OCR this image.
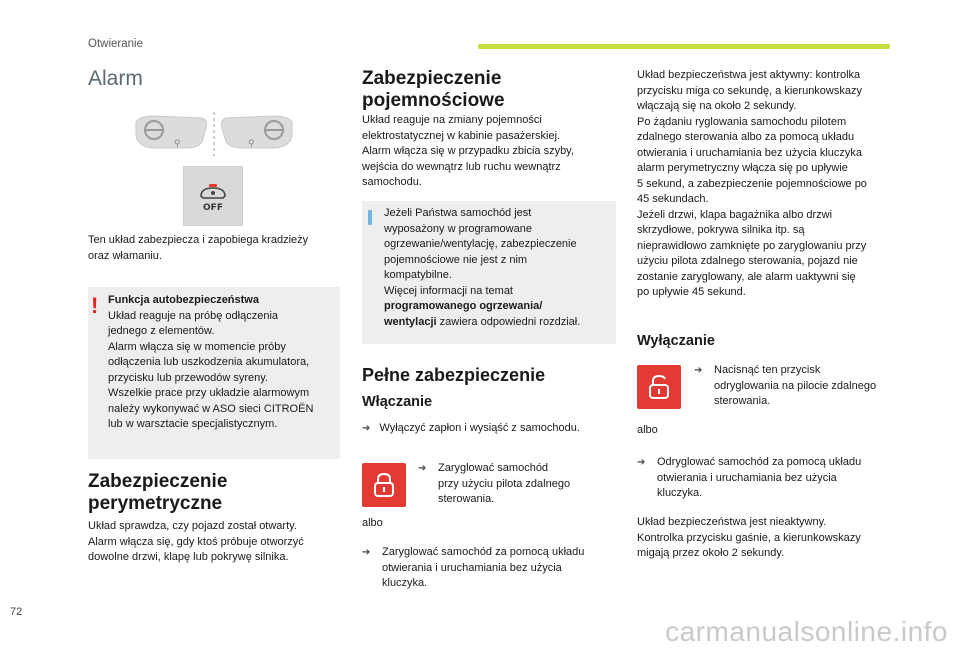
Otwieranie
Alarm
⚲	⚲
OFF
Ten układ zabezpiecza i zapobiega kradzieży
oraz włamaniu.
! Funkcja autobezpieczeństwa
Układ reaguje na próbę odłączenia
jednego z elementów.
Alarm włącza się w momencie próby
odłączenia lub uszkodzenia akumulatora,
przycisku lub przewodów syreny.
Wszelkie prace przy układzie alarmowym
należy wykonywać w ASO sieci CITROËN
lub w warsztacie specjalistycznym.
Zabezpieczenie
perymetryczne
Układ sprawdza, czy pojazd został otwarty.
Alarm włącza się, gdy ktoś próbuje otworzyć
dowolne drzwi, klapę lub pokrywę silnika.
Zabezpieczenie
pojemnościowe
Układ reaguje na zmiany pojemności
elektrostatycznej w kabinie pasażerskiej.
Alarm włącza się w przypadku zbicia szyby,
wejścia do wewnątrz lub ruchu wewnątrz
samochodu.
Jeżeli Państwa samochód jest
wyposażony w programowane
ogrzewanie/wentylację, zabezpieczenie
pojemnościowe nie jest z nim
kompatybilne.
Więcej informacji na temat
programowanego ogrzewania/
wentylacji zawiera odpowiedni rozdział.
Pełne zabezpieczenie
Włączanie
➔ Wyłączyć zapłon i wysiąść z samochodu.
➔ Zaryglować samochód
przy użyciu pilota zdalnego
sterowania.
albo
➔ Zaryglować samochód za pomocą układu
otwierania i uruchamiania bez użycia
kluczyka.
Układ bezpieczeństwa jest aktywny: kontrolka
przycisku miga co sekundę, a kierunkowskazy
włączają się na około 2 sekundy.
Po żądaniu ryglowania samochodu pilotem
zdalnego sterowania albo za pomocą układu
otwierania i uruchamiania bez użycia kluczyka
alarm perymetryczny włącza się po upływie
5 sekund, a zabezpieczenie pojemnościowe po
45 sekundach.
Jeżeli drzwi, klapa bagażnika albo drzwi
skrzydłowe, pokrywa silnika itp. są
nieprawidłowo zamknięte po zaryglowaniu przy
użyciu pilota zdalnego sterowania, pojazd nie
zostanie zaryglowany, ale alarm uaktywni się
po upływie 45 sekund.
Wyłączanie
➔ Nacisnąć ten przycisk
odryglowania na pilocie zdalnego
sterowania.
albo
➔ Odryglować samochód za pomocą układu
otwierania i uruchamiania bez użycia
kluczyka.
Układ bezpieczeństwa jest nieaktywny.
Kontrolka przycisku gaśnie, a kierunkowskazy
migają przez około 2 sekundy.
72
carmanualsonline.info
